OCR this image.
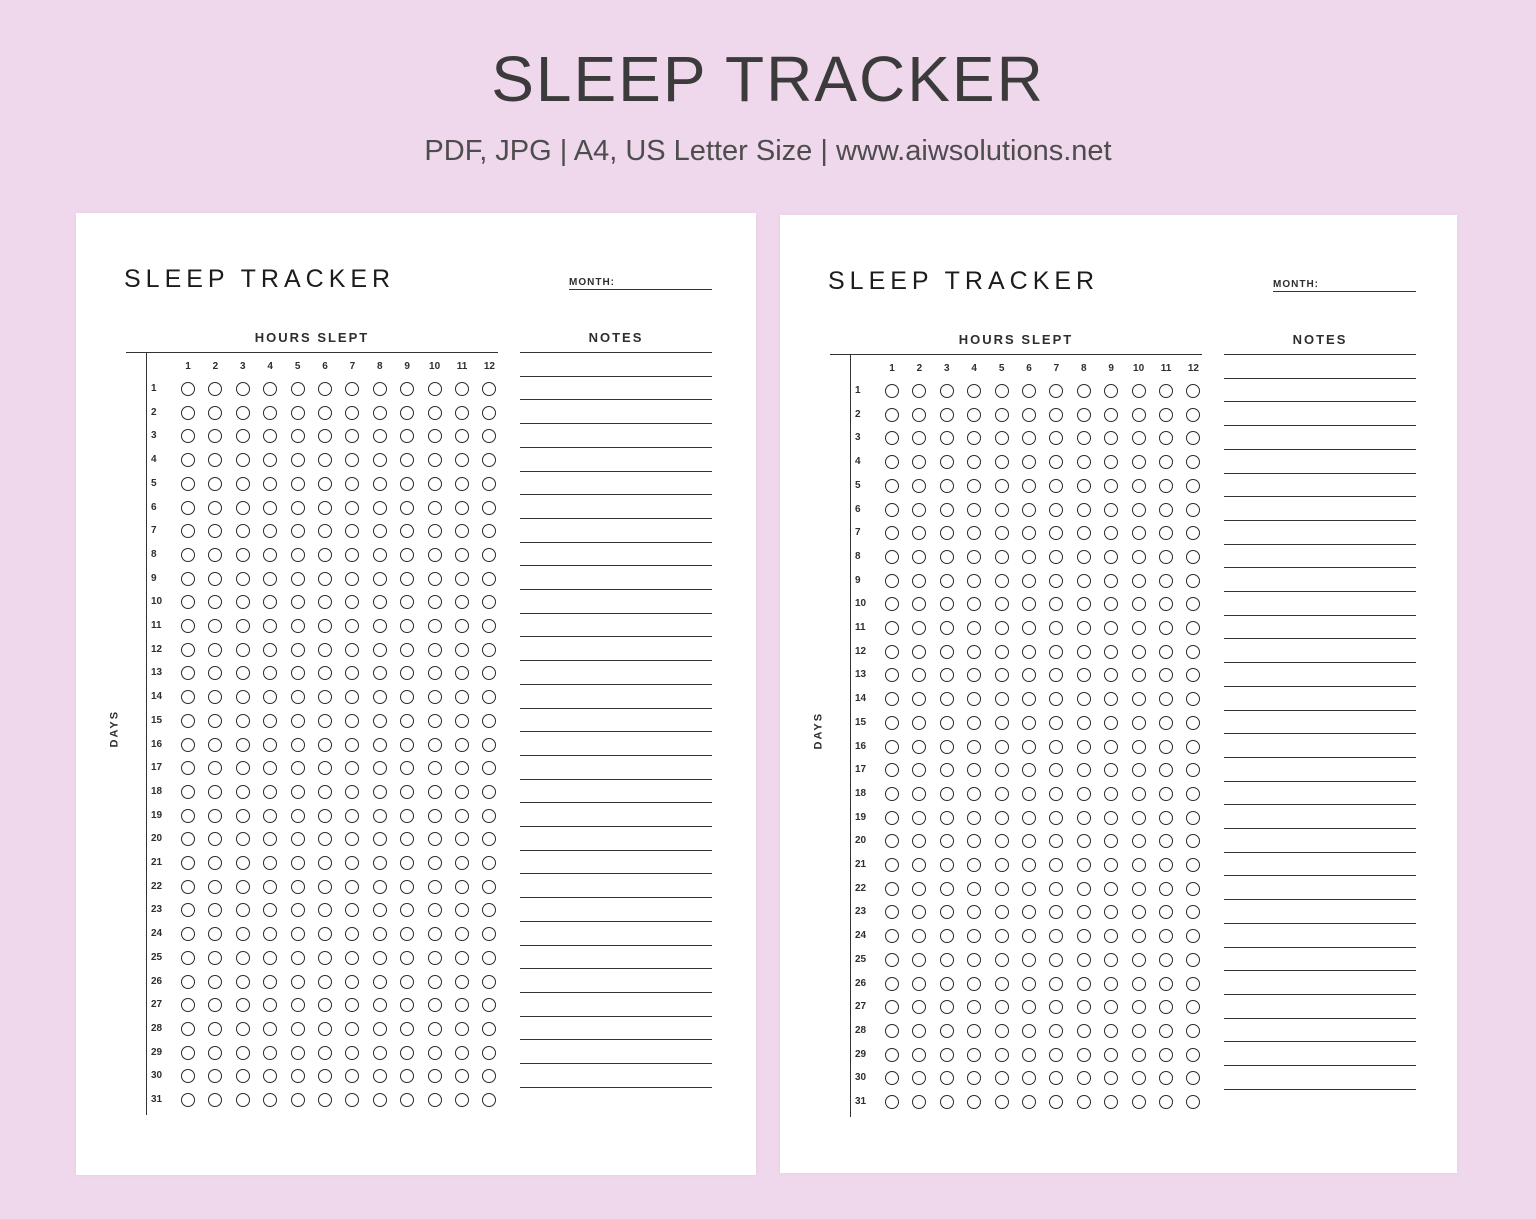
SLEEP TRACKER
PDF, JPG | A4, US Letter Size | www.aiwsolutions.net
SLEEP TRACKER	MONTH:
HOURS SLEPT	NOTES
DAYS
1	2	3	4	5	6	7	8	9	10	11	12
1
2
3
4
5
6
7
8
9
10
11
12
13
14
15
16
17
18
19
20
21
22
23
24
25
26
27
28
29
30
31
SLEEP TRACKER	MONTH:
HOURS SLEPT	NOTES
DAYS
1	2	3	4	5	6	7	8	9	10	11	12
1
2
3
4
5
6
7
8
9
10
11
12
13
14
15
16
17
18
19
20
21
22
23
24
25
26
27
28
29
30
31
